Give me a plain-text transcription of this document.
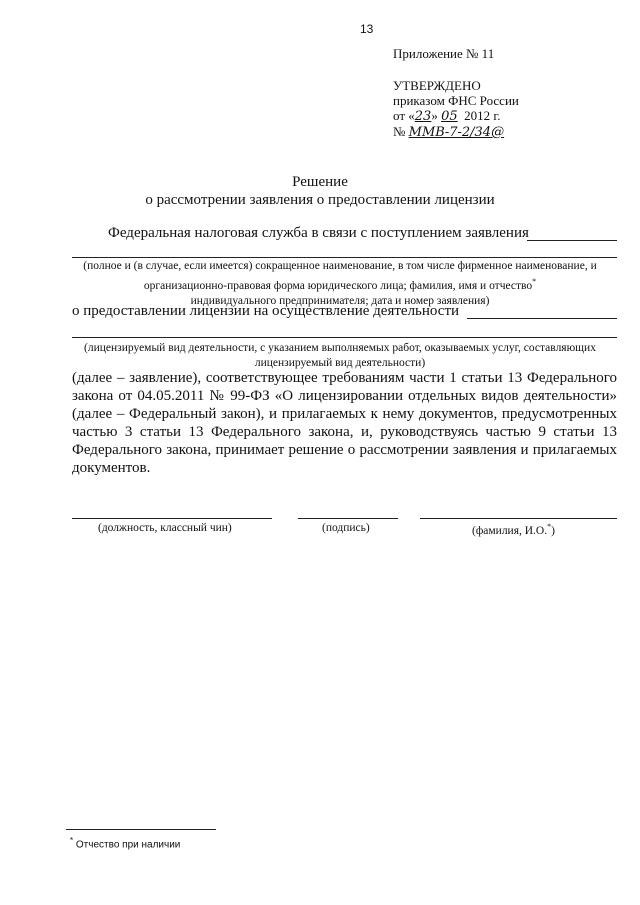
13
Приложение № 11
УТВЕРЖДЕНО
приказом ФНС России
от «23» 05 2012 г.
№ ММВ-7-2/34@
Решение
о рассмотрении заявления о предоставлении лицензии
Федеральная налоговая служба в связи с поступлением заявления
(полное и (в случае, если имеется) сокращенное наименование, в том числе фирменное наименование, и организационно-правовая форма юридического лица; фамилия, имя и отчество*
индивидуального предпринимателя; дата и номер заявления)
о предоставлении лицензии на осуществление деятельности
(лицензируемый вид деятельности, с указанием выполняемых работ, оказываемых услуг, составляющих лицензируемый вид деятельности)
(далее – заявление), соответствующее требованиям части 1 статьи 13 Федерального закона от 04.05.2011 № 99-ФЗ «О лицензировании отдельных видов деятельности» (далее – Федеральный закон), и прилагаемых к нему документов, предусмотренных частью 3 статьи 13 Федерального закона, и, руководствуясь частью 9 статьи 13 Федерального закона, принимает решение о рассмотрении заявления и прилагаемых документов.
(должность, классный чин)	(подпись)	(фамилия, И.О.*)
* Отчество при наличии
